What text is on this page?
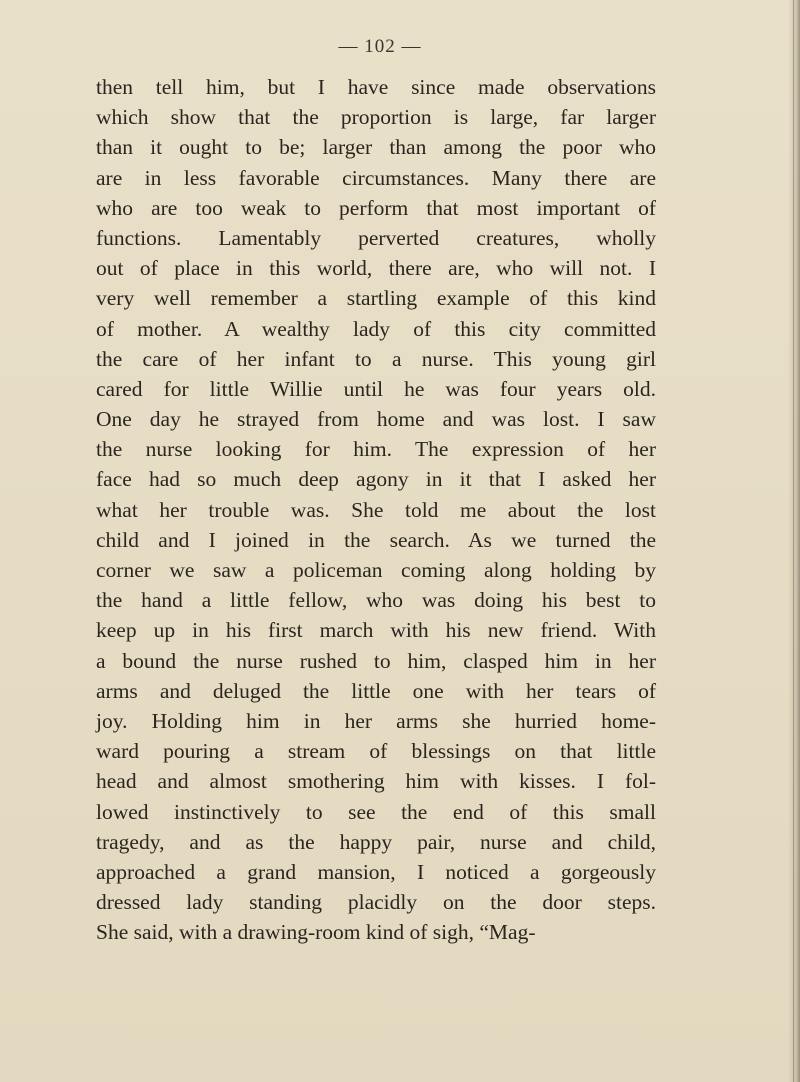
— 102 —
then tell him, but I have since made observations
which show that the proportion is large, far larger
than it ought to be; larger than among the poor who
are in less favorable circumstances. Many there are
who are too weak to perform that most important of
functions. Lamentably perverted creatures, wholly
out of place in this world, there are, who will not. I
very well remember a startling example of this kind
of mother. A wealthy lady of this city committed
the care of her infant to a nurse. This young girl
cared for little Willie until he was four years old.
One day he strayed from home and was lost. I saw
the nurse looking for him. The expression of her
face had so much deep agony in it that I asked her
what her trouble was. She told me about the lost
child and I joined in the search. As we turned the
corner we saw a policeman coming along holding by
the hand a little fellow, who was doing his best to
keep up in his first march with his new friend. With
a bound the nurse rushed to him, clasped him in her
arms and deluged the little one with her tears of
joy. Holding him in her arms she hurried home-
ward pouring a stream of blessings on that little
head and almost smothering him with kisses. I fol-
lowed instinctively to see the end of this small
tragedy, and as the happy pair, nurse and child,
approached a grand mansion, I noticed a gorgeously
dressed lady standing placidly on the door steps.
She said, with a drawing-room kind of sigh, “Mag-
